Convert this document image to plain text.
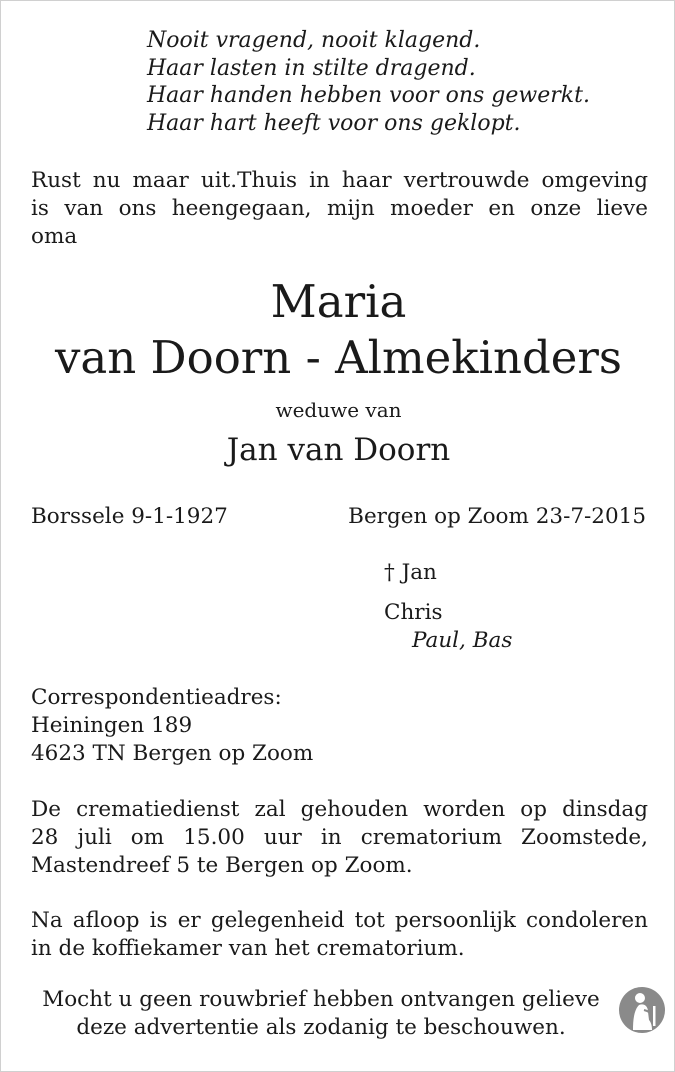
Nooit vragend, nooit klagend.
Haar lasten in stilte dragend.
Haar handen hebben voor ons gewerkt.
Haar hart heeft voor ons geklopt.
Rust nu maar uit.Thuis in haar vertrouwde omgeving
is van ons heengegaan, mijn moeder en onze lieve
oma
Maria
van Doorn - Almekinders
weduwe van
Jan van Doorn
Borssele 9-1-1927	Bergen op Zoom 23-7-2015
† Jan
Chris
Paul, Bas
Correspondentieadres:
Heiningen 189
4623 TN Bergen op Zoom
De crematiedienst zal gehouden worden op dinsdag
28 juli om 15.00 uur in crematorium Zoomstede,
Mastendreef 5 te Bergen op Zoom.
Na afloop is er gelegenheid tot persoonlijk condoleren
in de koffiekamer van het crematorium.
Mocht u geen rouwbrief hebben ontvangen gelieve
deze advertentie als zodanig te beschouwen.
